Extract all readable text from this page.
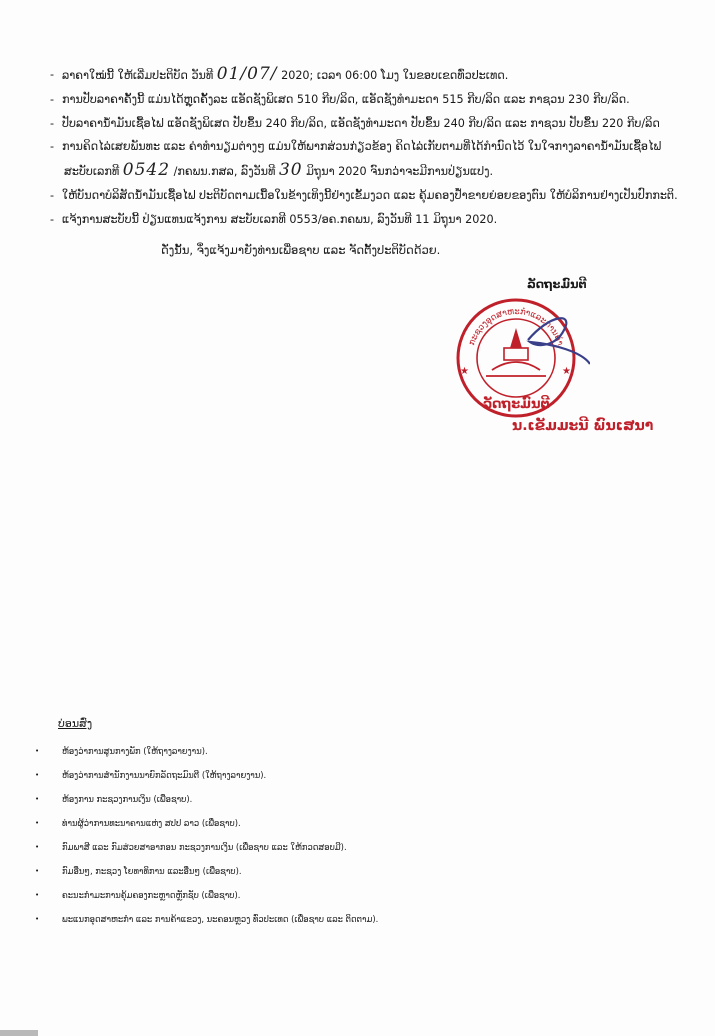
- ລາຄາໃໝ່ນີ້ ໃຫ້ເລີ່ມປະຕິບັດ ວັນທີ 01/07/ 2020; ເວລາ 06:00 ໂມງ ໃນຂອບເຂດທົ່ວປະເທດ.
- ການປັບລາຄາຄັ້ງນີ້ ແມ່ນໄດ້ຫຼຸດຄັ້ງລະ ແອັດຊັງພິເສດ 510 ກີບ/ລິດ, ແອັດຊັງທຳມະດາ 515 ກີບ/ລິດ ແລະ ກາຊວນ 230 ກີບ/ລິດ.
- ປັບລາຄານ້ຳມັນເຊື້ອໄຟ ແອັດຊັງພິເສດ ປັບຂຶ້ນ 240 ກີບ/ລິດ, ແອັດຊັງທຳມະດາ ປັບຂຶ້ນ 240 ກີບ/ລິດ ແລະ ກາຊວນ ປັບຂຶ້ນ 220 ກີບ/ລິດ
- ການຄິດໄລ່ເສຍພັນທະ ແລະ ຄ່າທຳນຽມຕ່າງໆ ແມ່ນໃຫ້ພາກສ່ວນກ່ຽວຂ້ອງ ຄິດໄລ່ເກັບຕາມທີ່ໄດ້ກຳນົດໄວ້ ໃນໃຈກາງລາຄານ້ຳມັນເຊື້ອໄຟ
ສະບັບເລກທີ 0542 /ກຄພນ.ກສລ, ລົງວັນທີ 30 ມິຖຸນາ 2020 ຈົນກວ່າຈະມີການປ່ຽນແປງ.
- ໃຫ້ບັນດາບໍລິສັດນ້ຳມັນເຊື້ອໄຟ ປະຕິບັດຕາມເນື້ອໃນຂ້າງເທິງນີ້ຢ່າງເຂັ້ມງວດ ແລະ ຄຸ້ມຄອງປ້ຳຂາຍຍ່ອຍຂອງຕົນ ໃຫ້ບໍລິການຢ່າງເປັນປົກກະຕິ.
- ແຈ້ງການສະບັບນີ້ ປ່ຽນແທນແຈ້ງການ ສະບັບເລກທີ 0553/ອຄ.ກຄພນ, ລົງວັນທີ 11 ມິຖຸນາ 2020.
ດັ່ງນັ້ນ, ຈຶ່ງແຈ້ງມາຍັງທ່ານເພື່ອຊາບ ແລະ ຈັດຕັ້ງປະຕິບັດດ້ວຍ.
ລັດຖະມົນຕີ
ກະຊວງອຸດສາຫະກຳແລະການຄ້າ
★	★
ລັດຖະມົນຕີ
ນ.ເຂັມມະນີ ພົນເສນາ
ບ່ອນສົ່ງ
• ຫ້ອງວ່າການສູນກາງພັກ (ໃຫ້ຖາງລາຍງານ).
• ຫ້ອງວ່າການສຳນັກງານນາຍົກລັດຖະມົນຕີ (ໃຫ້ຖາງລາຍງານ).
• ຫ້ອງການ ກະຊວງການເງິນ (ເພື່ອຊາບ).
• ທ່ານຜູ້ວ່າການທະນາຄານແຫ່ງ ສປປ ລາວ (ເພື່ອຊາບ).
• ກົມພາສີ ແລະ ກົມສ່ວຍສາອາກອນ ກະຊວງການເງິນ (ເພື່ອຊາບ ແລະ ໃຫ້ກວດສອບມີ).
• ກົມອື່ນໆ, ກະຊວງ ໂຍທາທິການ ແລະອື່ນໆ (ເພື່ອຊາບ).
• ຄະນະກຳມະການຄຸ້ມຄອງກະຫຼາດຫຼັກຊັບ (ເພື່ອຊາບ).
• ພະແນກອຸດສາຫະກຳ ແລະ ການຄ້າແຂວງ, ນະຄອນຫຼວງ ທົ່ວປະເທດ (ເພື່ອຊາບ ແລະ ຕິດຕາມ).
